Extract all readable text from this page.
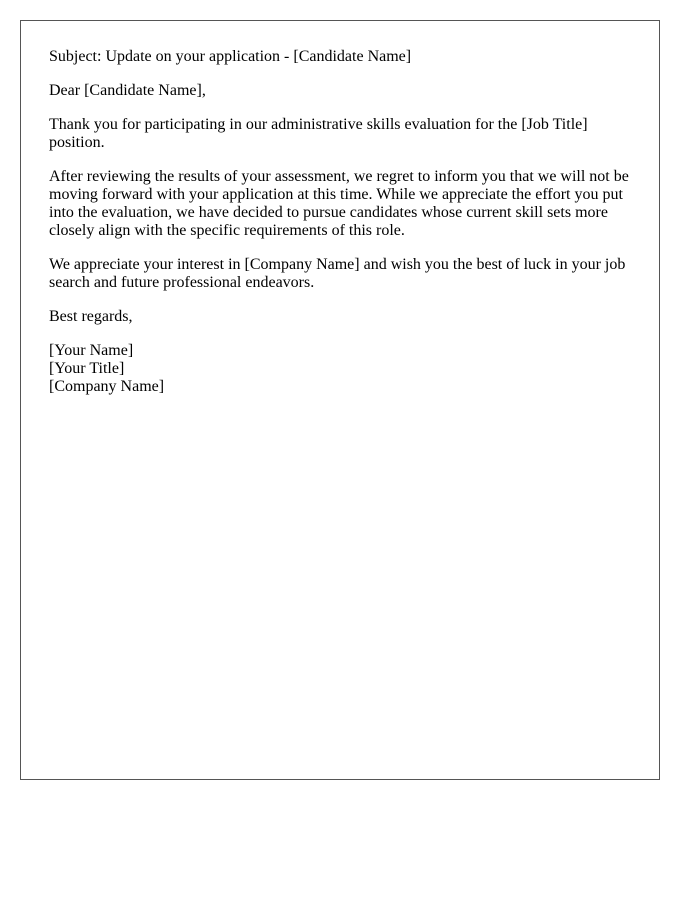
Subject: Update on your application - [Candidate Name]

Dear [Candidate Name],

Thank you for participating in our administrative skills evaluation for the [Job Title] position.

After reviewing the results of your assessment, we regret to inform you that we will not be moving forward with your application at this time. While we appreciate the effort you put into the evaluation, we have decided to pursue candidates whose current skill sets more closely align with the specific requirements of this role.

We appreciate your interest in [Company Name] and wish you the best of luck in your job search and future professional endeavors.

Best regards,

[Your Name]
[Your Title]
[Company Name]
